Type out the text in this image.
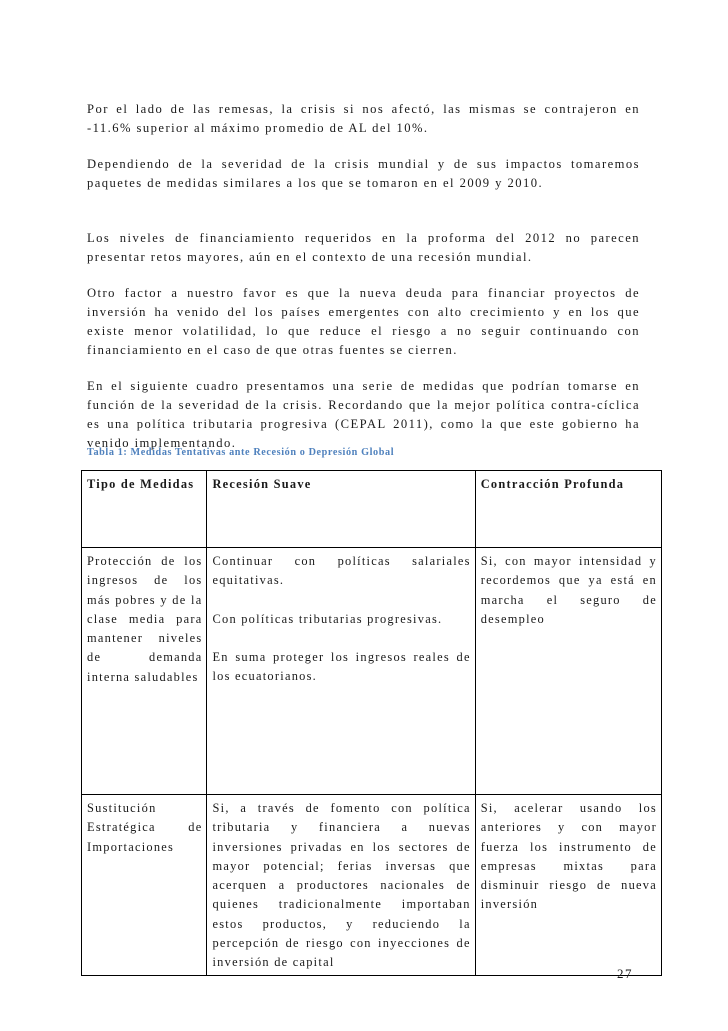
Por el lado de las remesas, la crisis si nos afectó, las mismas se contrajeron en -11.6% superior al máximo promedio de AL del 10%.

Dependiendo de la severidad de la crisis mundial y de sus impactos tomaremos paquetes de medidas similares a los que se tomaron en el 2009 y 2010.

Los niveles de financiamiento requeridos en la proforma del 2012 no parecen presentar retos mayores, aún en el contexto de una recesión mundial.

Otro factor a nuestro favor es que la nueva deuda para financiar proyectos de inversión ha venido del los países emergentes con alto crecimiento y en los que existe menor volatilidad, lo que reduce el riesgo a no seguir continuando con financiamiento en el caso de que otras fuentes se cierren.

En el siguiente cuadro presentamos una serie de medidas que podrían tomarse en función de la severidad de la crisis. Recordando que la mejor política contra-cíclica es una política tributaria progresiva (CEPAL 2011), como la que este gobierno ha venido implementando.

Tabla 1: Medidas Tentativas ante Recesión o Depresión Global

Tipo de Medidas	Recesión Suave	Contracción Profunda
Protección de los ingresos de los más pobres y de la clase media para mantener niveles de demanda interna saludables	Continuar con políticas salariales equitativas.

Con políticas tributarias progresivas.

En suma proteger los ingresos reales de los ecuatorianos.	Si, con mayor intensidad y recordemos que ya está en marcha el seguro de desempleo
Sustitución Estratégica de Importaciones	Si, a través de fomento con política tributaria y financiera a nuevas inversiones privadas en los sectores de mayor potencial; ferias inversas que acerquen a productores nacionales de quienes tradicionalmente importaban estos productos, y reduciendo la percepción de riesgo con inyecciones de inversión de capital	Si, acelerar usando los anteriores y con mayor fuerza los instrumento de empresas mixtas para disminuir riesgo de nueva inversión
27
